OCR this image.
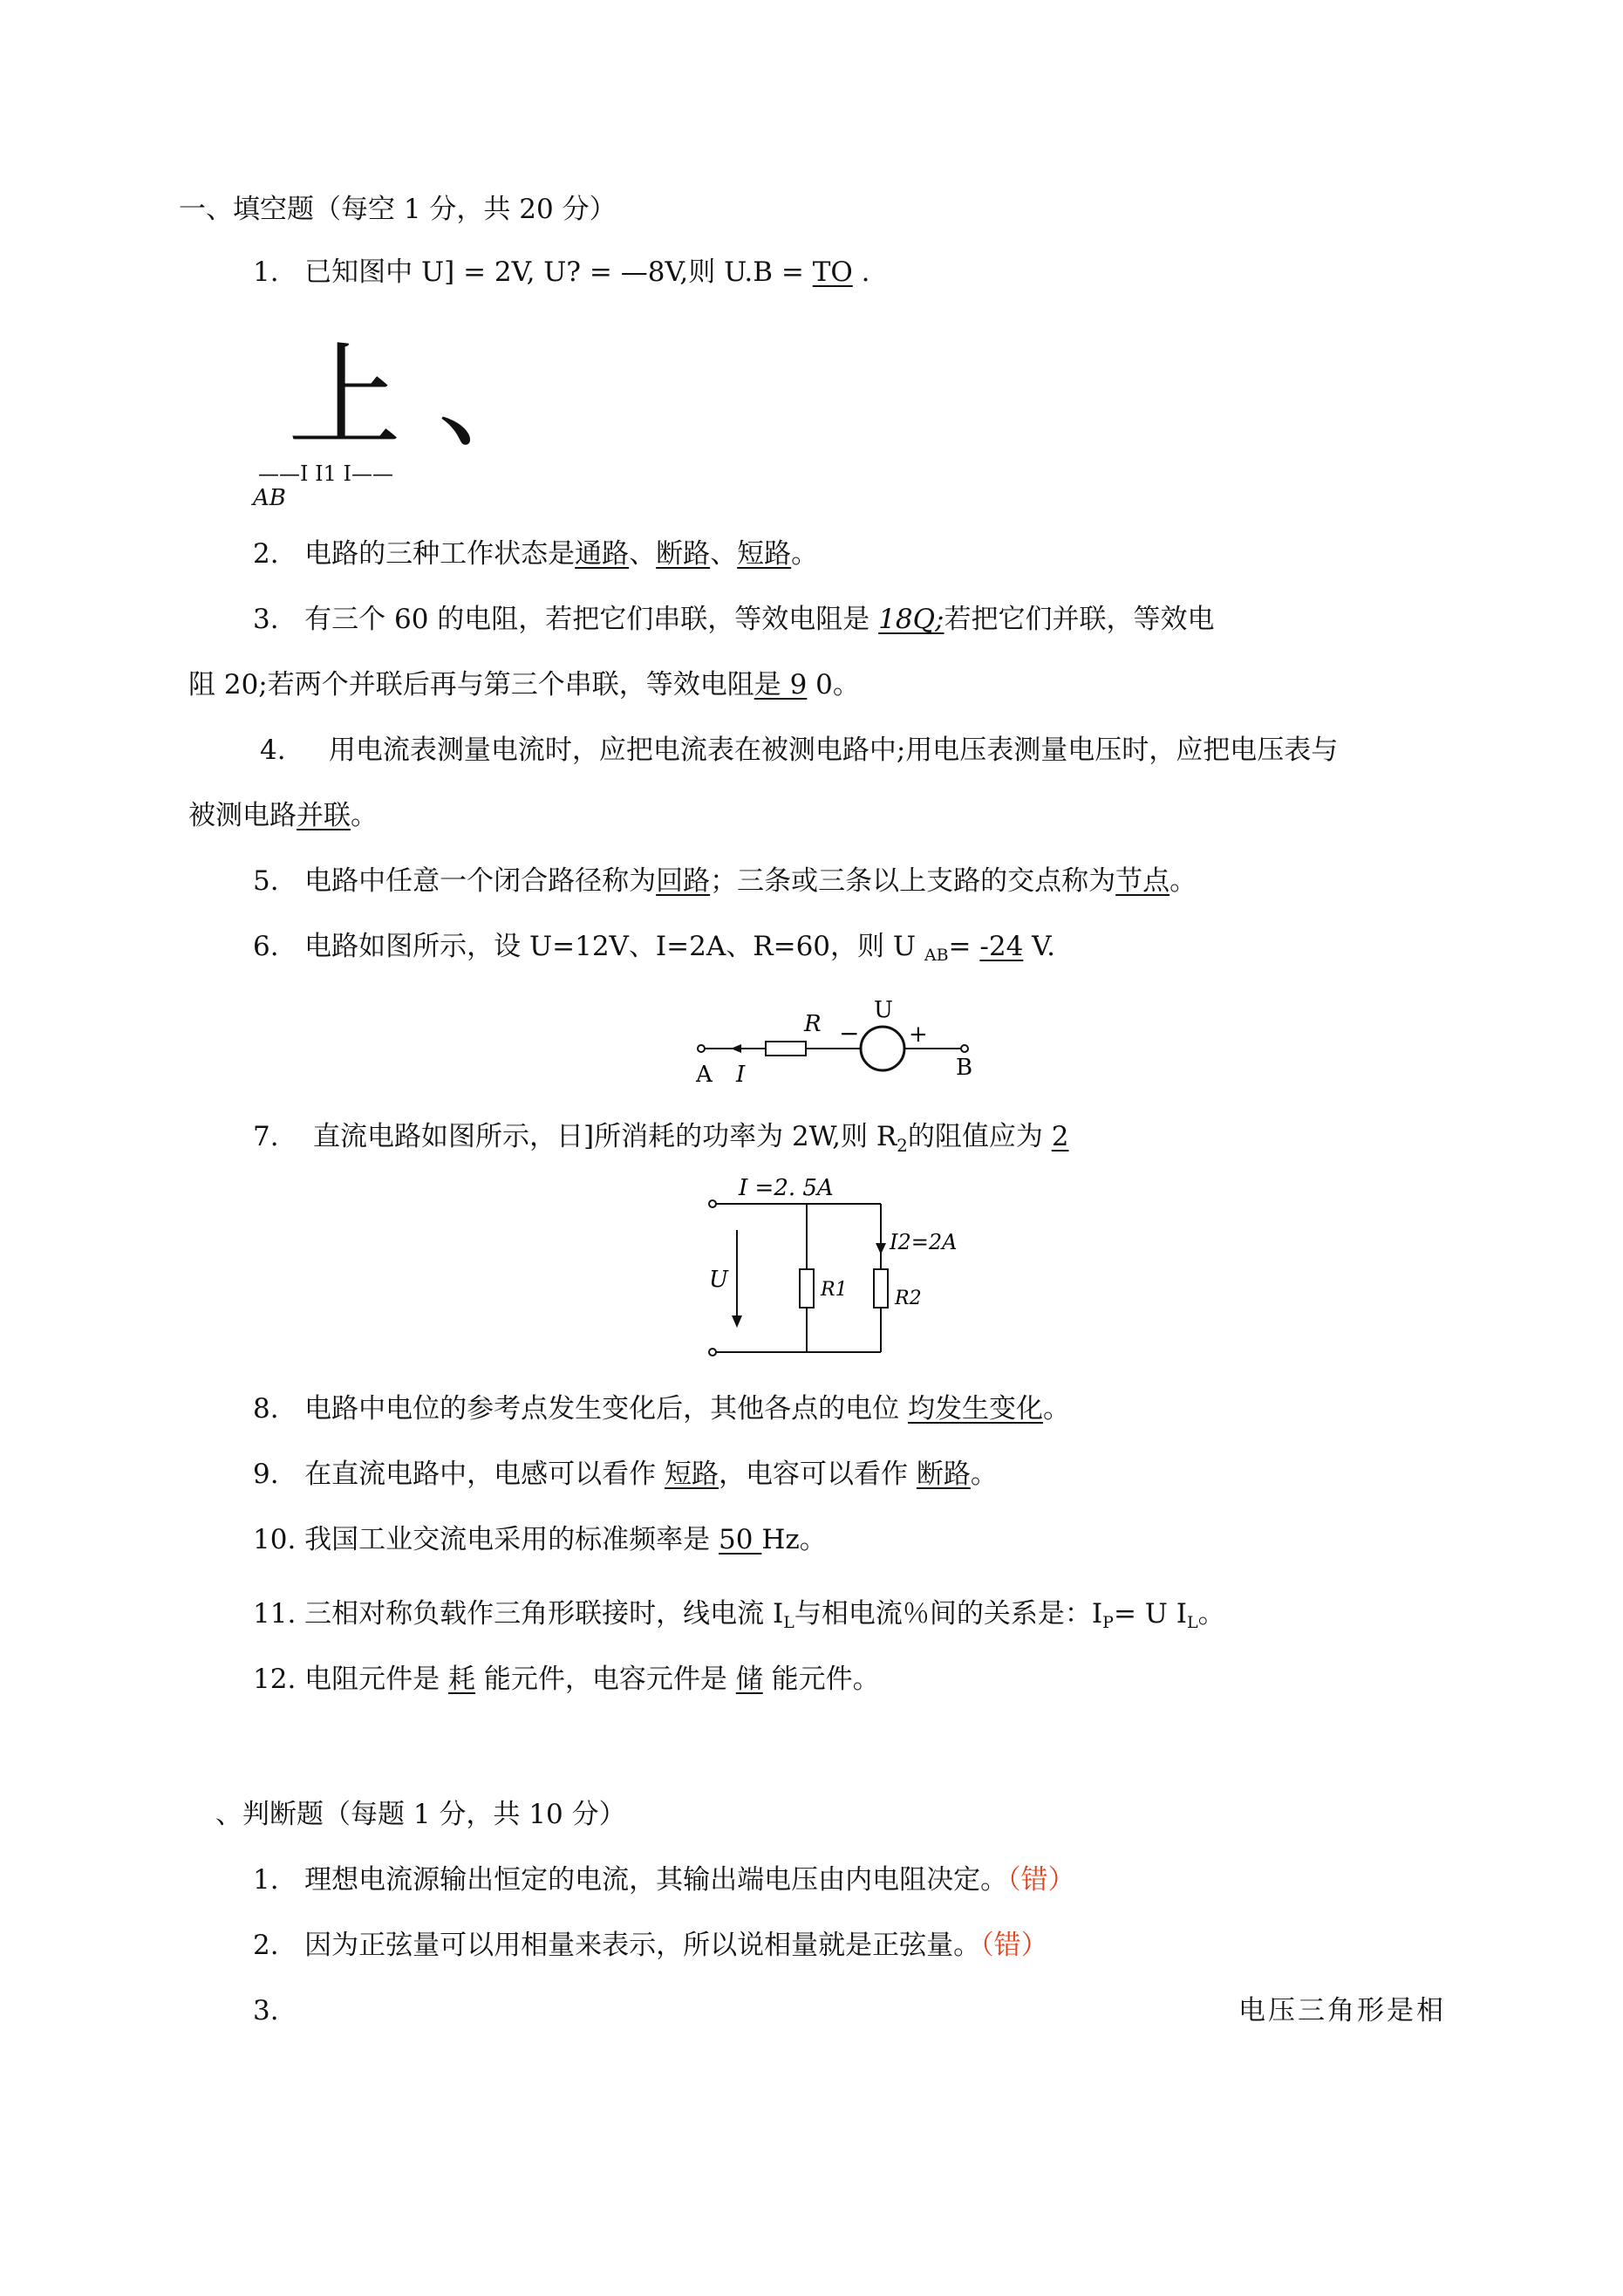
一、填空题（每空 1 分，共 20 分）
1. 已知图中 U] = 2V, U? = —8V,则 U.B = TO .
上 、
——I I1 I——
AB
2. 电路的三种工作状态是通路、断路、短路。
3. 有三个 60 的电阻，若把它们串联，等效电阻是 18Q;若把它们并联，等效电
阻 20;若两个并联后再与第三个串联，等效电阻是 9 0。
4. 用电流表测量电流时，应把电流表在被测电路中;用电压表测量电压时，应把电压表与
被测电路并联。
5. 电路中任意一个闭合路径称为回路；三条或三条以上支路的交点称为节点。
6. 电路如图所示，设 U=12V、I=2A、R=60，则 U $_{AB}$= -24 V.
U
R − +
A I	B
7.    直流电路如图所示，日]所消耗的功率为 2W,则 $R_2$的阻值应为 2
I =2. 5A
I2=2A
R1 R2
U
8. 电路中电位的参考点发生变化后，其他各点的电位 均发生变化。
9. 在直流电路中，电感可以看作 短路，电容可以看作 断路。
10. 我国工业交流电采用的标准频率是 50 Hz。
11. 三相对称负载作三角形联接时，线电流 $I_L$与相电流％间的关系是：$I_P= U$ $I_L$。
12. 电阻元件是 耗 能元件，电容元件是 储 能元件。
、判断题（每题 1 分，共 10 分）
1. 理想电流源输出恒定的电流，其输出端电压由内电阻决定。（错）
2. 因为正弦量可以用相量来表示，所以说相量就是正弦量。（错）
3.	电压三角形是相
